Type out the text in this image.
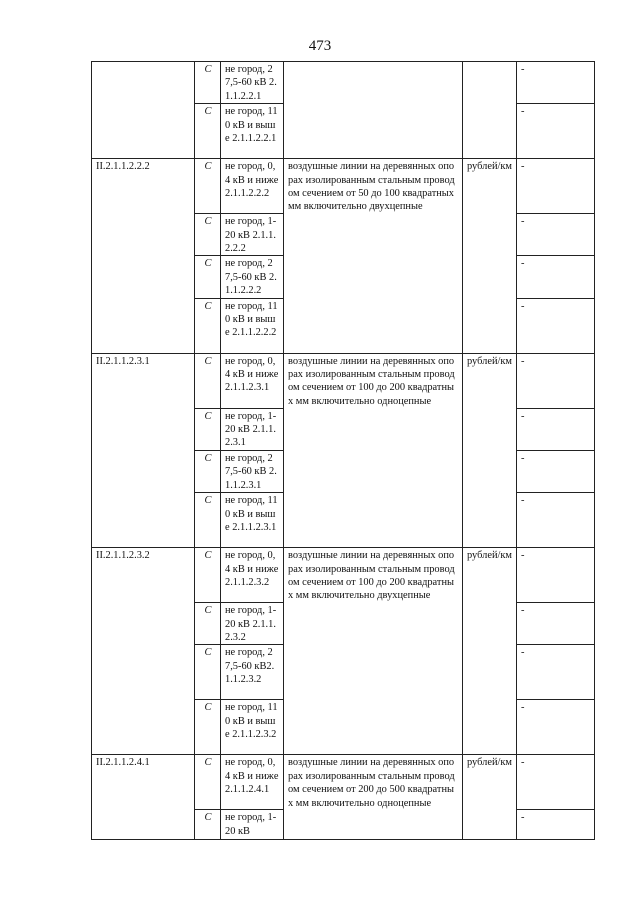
473
	С	не город, 27,5-60 кВ 2.1.1.2.2.1			-
	С	не город, 110 кВ и выше 2.1.1.2.2.1			-
II.2.1.1.2.2.2	С	не город, 0,4 кВ и ниже 2.1.1.2.2.2	воздушные линии на деревянных опорах изолированным стальным проводом сечением от 50 до 100 квадратных мм включительно двухцепные	рублей/км	-
	С	не город, 1-20 кВ 2.1.1.2.2.2			-
	С	не город, 27,5-60 кВ 2.1.1.2.2.2			-
	С	не город, 110 кВ и выше 2.1.1.2.2.2			-
II.2.1.1.2.3.1	С	не город, 0,4 кВ и ниже 2.1.1.2.3.1	воздушные линии на деревянных опорах изолированным стальным проводом сечением от 100 до 200 квадратных мм включительно одноцепные	рублей/км	-
	С	не город, 1-20 кВ 2.1.1.2.3.1			-
	С	не город, 27,5-60 кВ 2.1.1.2.3.1			-
	С	не город, 110 кВ и выше 2.1.1.2.3.1			-
II.2.1.1.2.3.2	С	не город, 0,4 кВ и ниже 2.1.1.2.3.2	воздушные линии на деревянных опорах изолированным стальным проводом сечением от 100 до 200 квадратных мм включительно двухцепные	рублей/км	-
	С	не город, 1-20 кВ 2.1.1.2.3.2			-
	С	не город, 27,5-60 кВ2.1.1.2.3.2			-
	С	не город, 110 кВ и выше 2.1.1.2.3.2			-
II.2.1.1.2.4.1	С	не город, 0,4 кВ и нижe 2.1.1.2.4.1	воздушные линии на деревянных опорах изолированным стальным проводом сечением от 200 до 500 квадратных мм включительно одноцепные	рублей/км	-
	С	не город, 1-20 кВ			-
